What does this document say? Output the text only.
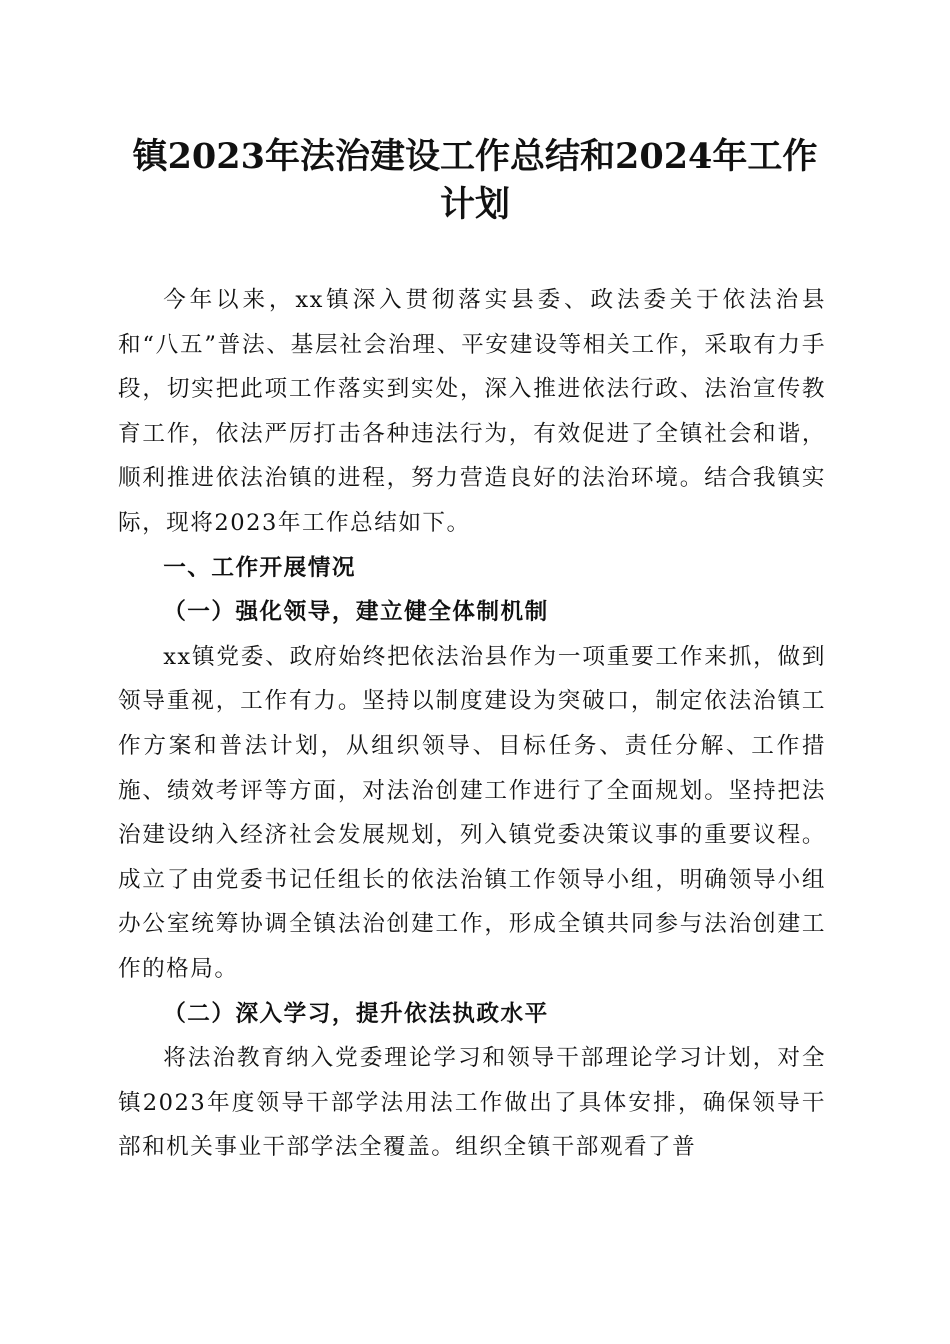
镇2023年法治建设工作总结和2024年工作计划

今年以来，xx镇深入贯彻落实县委、政法委关于依法治县和“八五”普法、基层社会治理、平安建设等相关工作，采取有力手段，切实把此项工作落实到实处，深入推进依法行政、法治宣传教育工作，依法严厉打击各种违法行为，有效促进了全镇社会和谐，顺利推进依法治镇的进程，努力营造良好的法治环境。结合我镇实际，现将2023年工作总结如下。

一、工作开展情况

（一）强化领导，建立健全体制机制

xx镇党委、政府始终把依法治县作为一项重要工作来抓，做到领导重视，工作有力。坚持以制度建设为突破口，制定依法治镇工作方案和普法计划，从组织领导、目标任务、责任分解、工作措施、绩效考评等方面，对法治创建工作进行了全面规划。坚持把法治建设纳入经济社会发展规划，列入镇党委决策议事的重要议程。成立了由党委书记任组长的依法治镇工作领导小组，明确领导小组办公室统筹协调全镇法治创建工作，形成全镇共同参与法治创建工作的格局。

（二）深入学习，提升依法执政水平

将法治教育纳入党委理论学习和领导干部理论学习计划，对全镇2023年度领导干部学法用法工作做出了具体安排，确保领导干部和机关事业干部学法全覆盖。组织全镇干部观看了普
